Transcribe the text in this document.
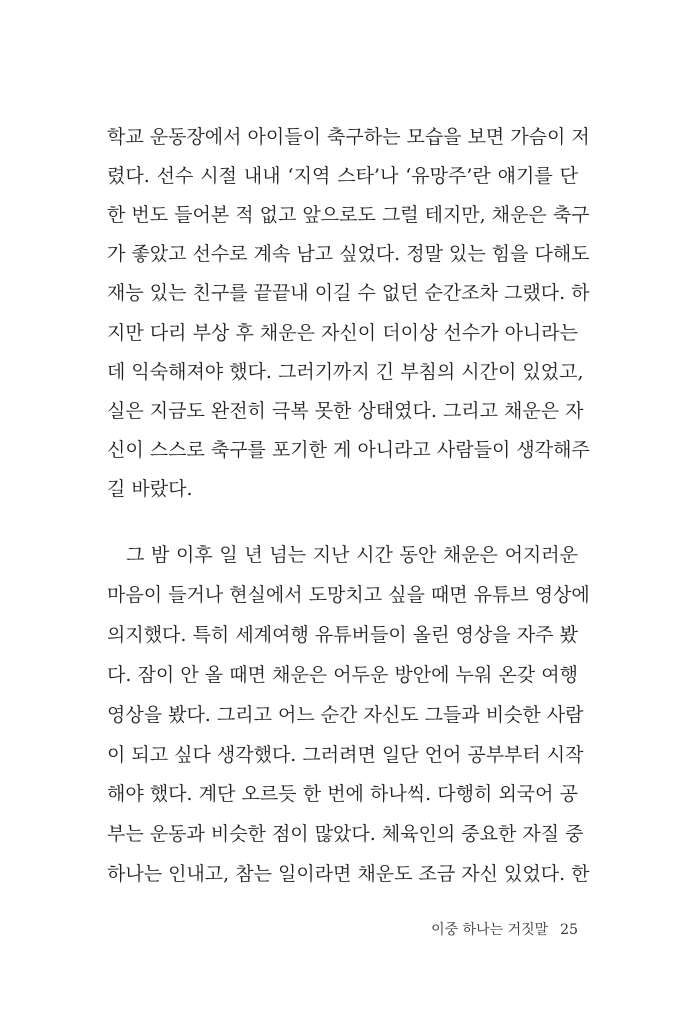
학교 운동장에서 아이들이 축구하는 모습을 보면 가슴이 저
렸다. 선수 시절 내내 ‘지역 스타’나 ‘유망주’란 얘기를 단
한 번도 들어본 적 없고 앞으로도 그럴 테지만, 채운은 축구
가 좋았고 선수로 계속 남고 싶었다. 정말 있는 힘을 다해도
재능 있는 친구를 끝끝내 이길 수 없던 순간조차 그랬다. 하
지만 다리 부상 후 채운은 자신이 더이상 선수가 아니라는
데 익숙해져야 했다. 그러기까지 긴 부침의 시간이 있었고,
실은 지금도 완전히 극복 못한 상태였다. 그리고 채운은 자
신이 스스로 축구를 포기한 게 아니라고 사람들이 생각해주
길 바랐다.
그 밤 이후 일 년 넘는 지난 시간 동안 채운은 어지러운
마음이 들거나 현실에서 도망치고 싶을 때면 유튜브 영상에
의지했다. 특히 세계여행 유튜버들이 올린 영상을 자주 봤
다. 잠이 안 올 때면 채운은 어두운 방안에 누워 온갖 여행
영상을 봤다. 그리고 어느 순간 자신도 그들과 비슷한 사람
이 되고 싶다 생각했다. 그러려면 일단 언어 공부부터 시작
해야 했다. 계단 오르듯 한 번에 하나씩. 다행히 외국어 공
부는 운동과 비슷한 점이 많았다. 체육인의 중요한 자질 중
하나는 인내고, 참는 일이라면 채운도 조금 자신 있었다. 한
이중 하나는 거짓말 25
